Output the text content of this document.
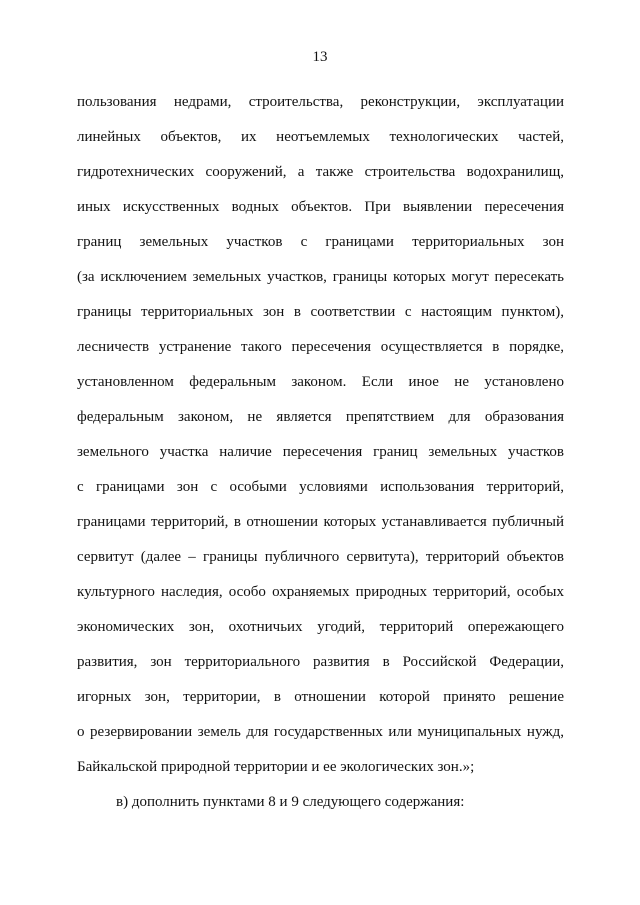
13
пользования недрами, строительства, реконструкции, эксплуатации
линейных объектов, их неотъемлемых технологических частей,
гидротехнических сооружений, а также строительства водохранилищ,
иных искусственных водных объектов. При выявлении пересечения
границ земельных участков с границами территориальных зон
(за исключением земельных участков, границы которых могут пересекать
границы территориальных зон в соответствии с настоящим пунктом),
лесничеств устранение такого пересечения осуществляется в порядке,
установленном федеральным законом. Если иное не установлено
федеральным законом, не является препятствием для образования
земельного участка наличие пересечения границ земельных участков
с границами зон с особыми условиями использования территорий,
границами территорий, в отношении которых устанавливается публичный
сервитут (далее – границы публичного сервитута), территорий объектов
культурного наследия, особо охраняемых природных территорий, особых
экономических зон, охотничьих угодий, территорий опережающего
развития, зон территориального развития в Российской Федерации,
игорных зон, территории, в отношении которой принято решение
о резервировании земель для государственных или муниципальных нужд,
Байкальской природной территории и ее экологических зон.»;
в) дополнить пунктами 8 и 9 следующего содержания:
